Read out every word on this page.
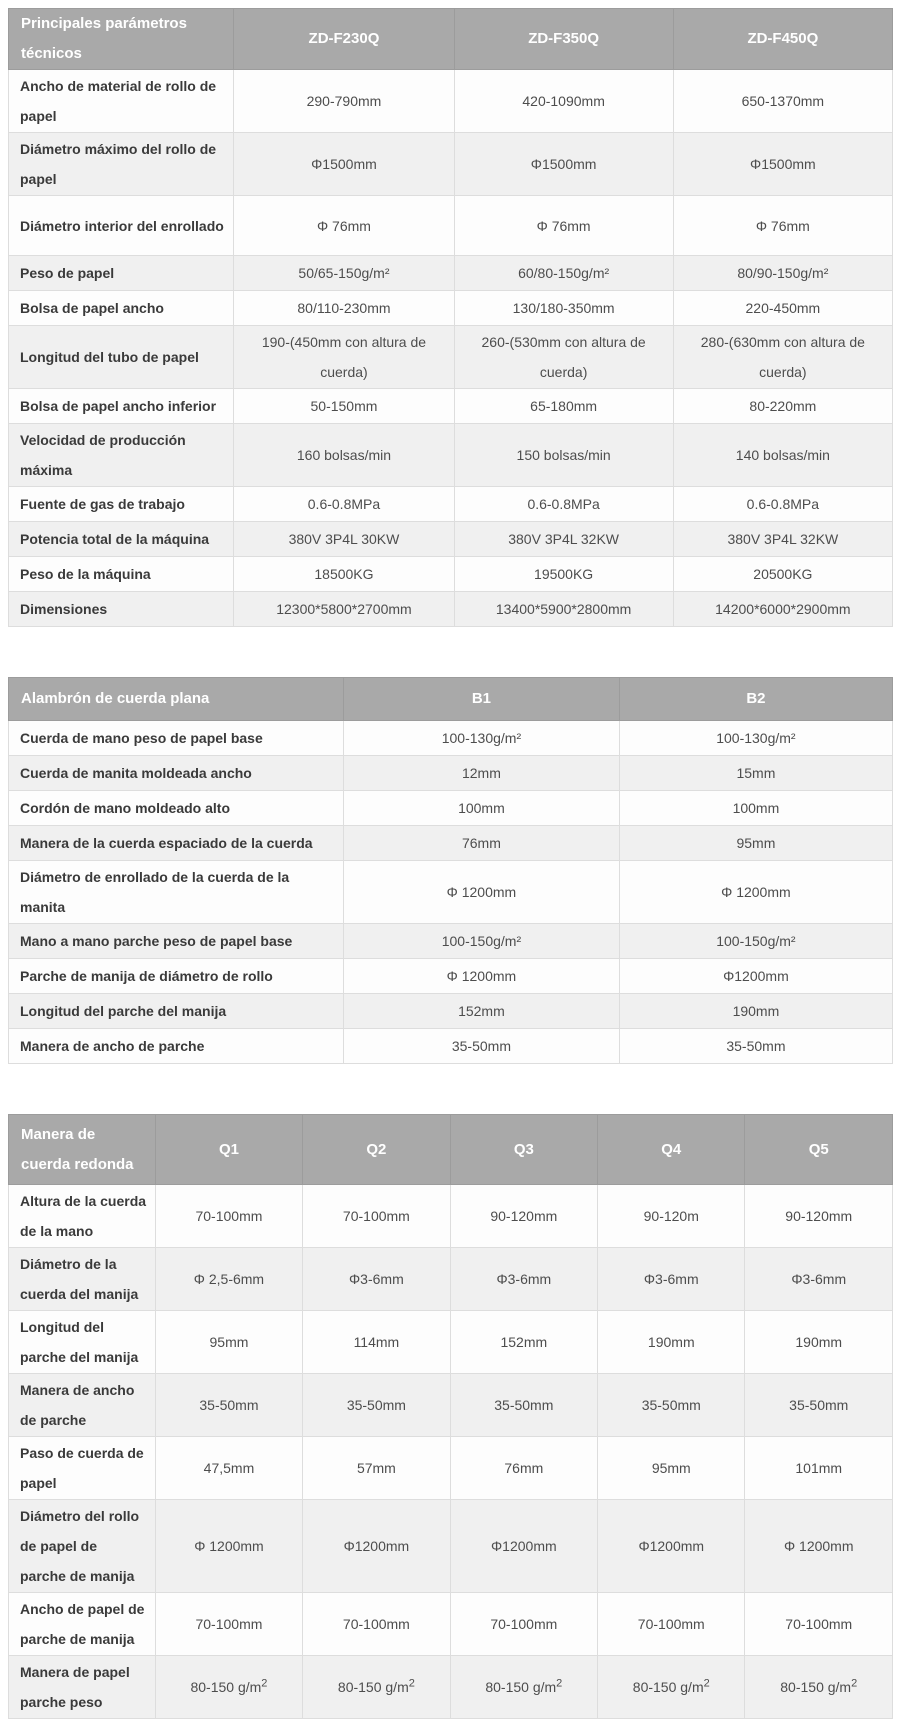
Principales parámetros técnicos	ZD-F230Q	ZD-F350Q	ZD-F450Q
Ancho de material de rollo de papel	290-790mm	420-1090mm	650-1370mm
Diámetro máximo del rollo de papel	Φ1500mm	Φ1500mm	Φ1500mm
Diámetro interior del enrollado	Φ 76mm	Φ 76mm	Φ 76mm
Peso de papel	50/65-150g/m²	60/80-150g/m²	80/90-150g/m²
Bolsa de papel ancho	80/110-230mm	130/180-350mm	220-450mm
Longitud del tubo de papel	190-(450mm con altura de cuerda)	260-(530mm con altura de cuerda)	280-(630mm con altura de cuerda)
Bolsa de papel ancho inferior	50-150mm	65-180mm	80-220mm
Velocidad de producción máxima	160 bolsas/min	150 bolsas/min	140 bolsas/min
Fuente de gas de trabajo	0.6-0.8MPa	0.6-0.8MPa	0.6-0.8MPa
Potencia total de la máquina	380V 3P4L 30KW	380V 3P4L 32KW	380V 3P4L 32KW
Peso de la máquina	18500KG	19500KG	20500KG
Dimensiones	12300*5800*2700mm	13400*5900*2800mm	14200*6000*2900mm
Alambrón de cuerda plana	B1	B2
Cuerda de mano peso de papel base	100-130g/m²	100-130g/m²
Cuerda de manita moldeada ancho	12mm	15mm
Cordón de mano moldeado alto	100mm	100mm
Manera de la cuerda espaciado de la cuerda	76mm	95mm
Diámetro de enrollado de la cuerda de la manita	Φ 1200mm	Φ 1200mm
Mano a mano parche peso de papel base	100-150g/m²	100-150g/m²
Parche de manija de diámetro de rollo	Φ 1200mm	Φ1200mm
Longitud del parche del manija	152mm	190mm
Manera de ancho de parche	35-50mm	35-50mm
Manera de cuerda redonda	Q1	Q2	Q3	Q4	Q5
Altura de la cuerda de la mano	70-100mm	70-100mm	90-120mm	90-120m	90-120mm
Diámetro de la cuerda del manija	Φ 2,5-6mm	Φ3-6mm	Φ3-6mm	Φ3-6mm	Φ3-6mm
Longitud del parche del manija	95mm	114mm	152mm	190mm	190mm
Manera de ancho de parche	35-50mm	35-50mm	35-50mm	35-50mm	35-50mm
Paso de cuerda de papel	47,5mm	57mm	76mm	95mm	101mm
Diámetro del rollo de papel de parche de manija	Φ 1200mm	Φ1200mm	Φ1200mm	Φ1200mm	Φ 1200mm
Ancho de papel de parche de manija	70-100mm	70-100mm	70-100mm	70-100mm	70-100mm
Manera de papel parche peso	80-150 $g/m^2$	80-150 $g/m^2$	80-150 $g/m^2$	80-150 $g/m^2$	80-150 $g/m^2$
